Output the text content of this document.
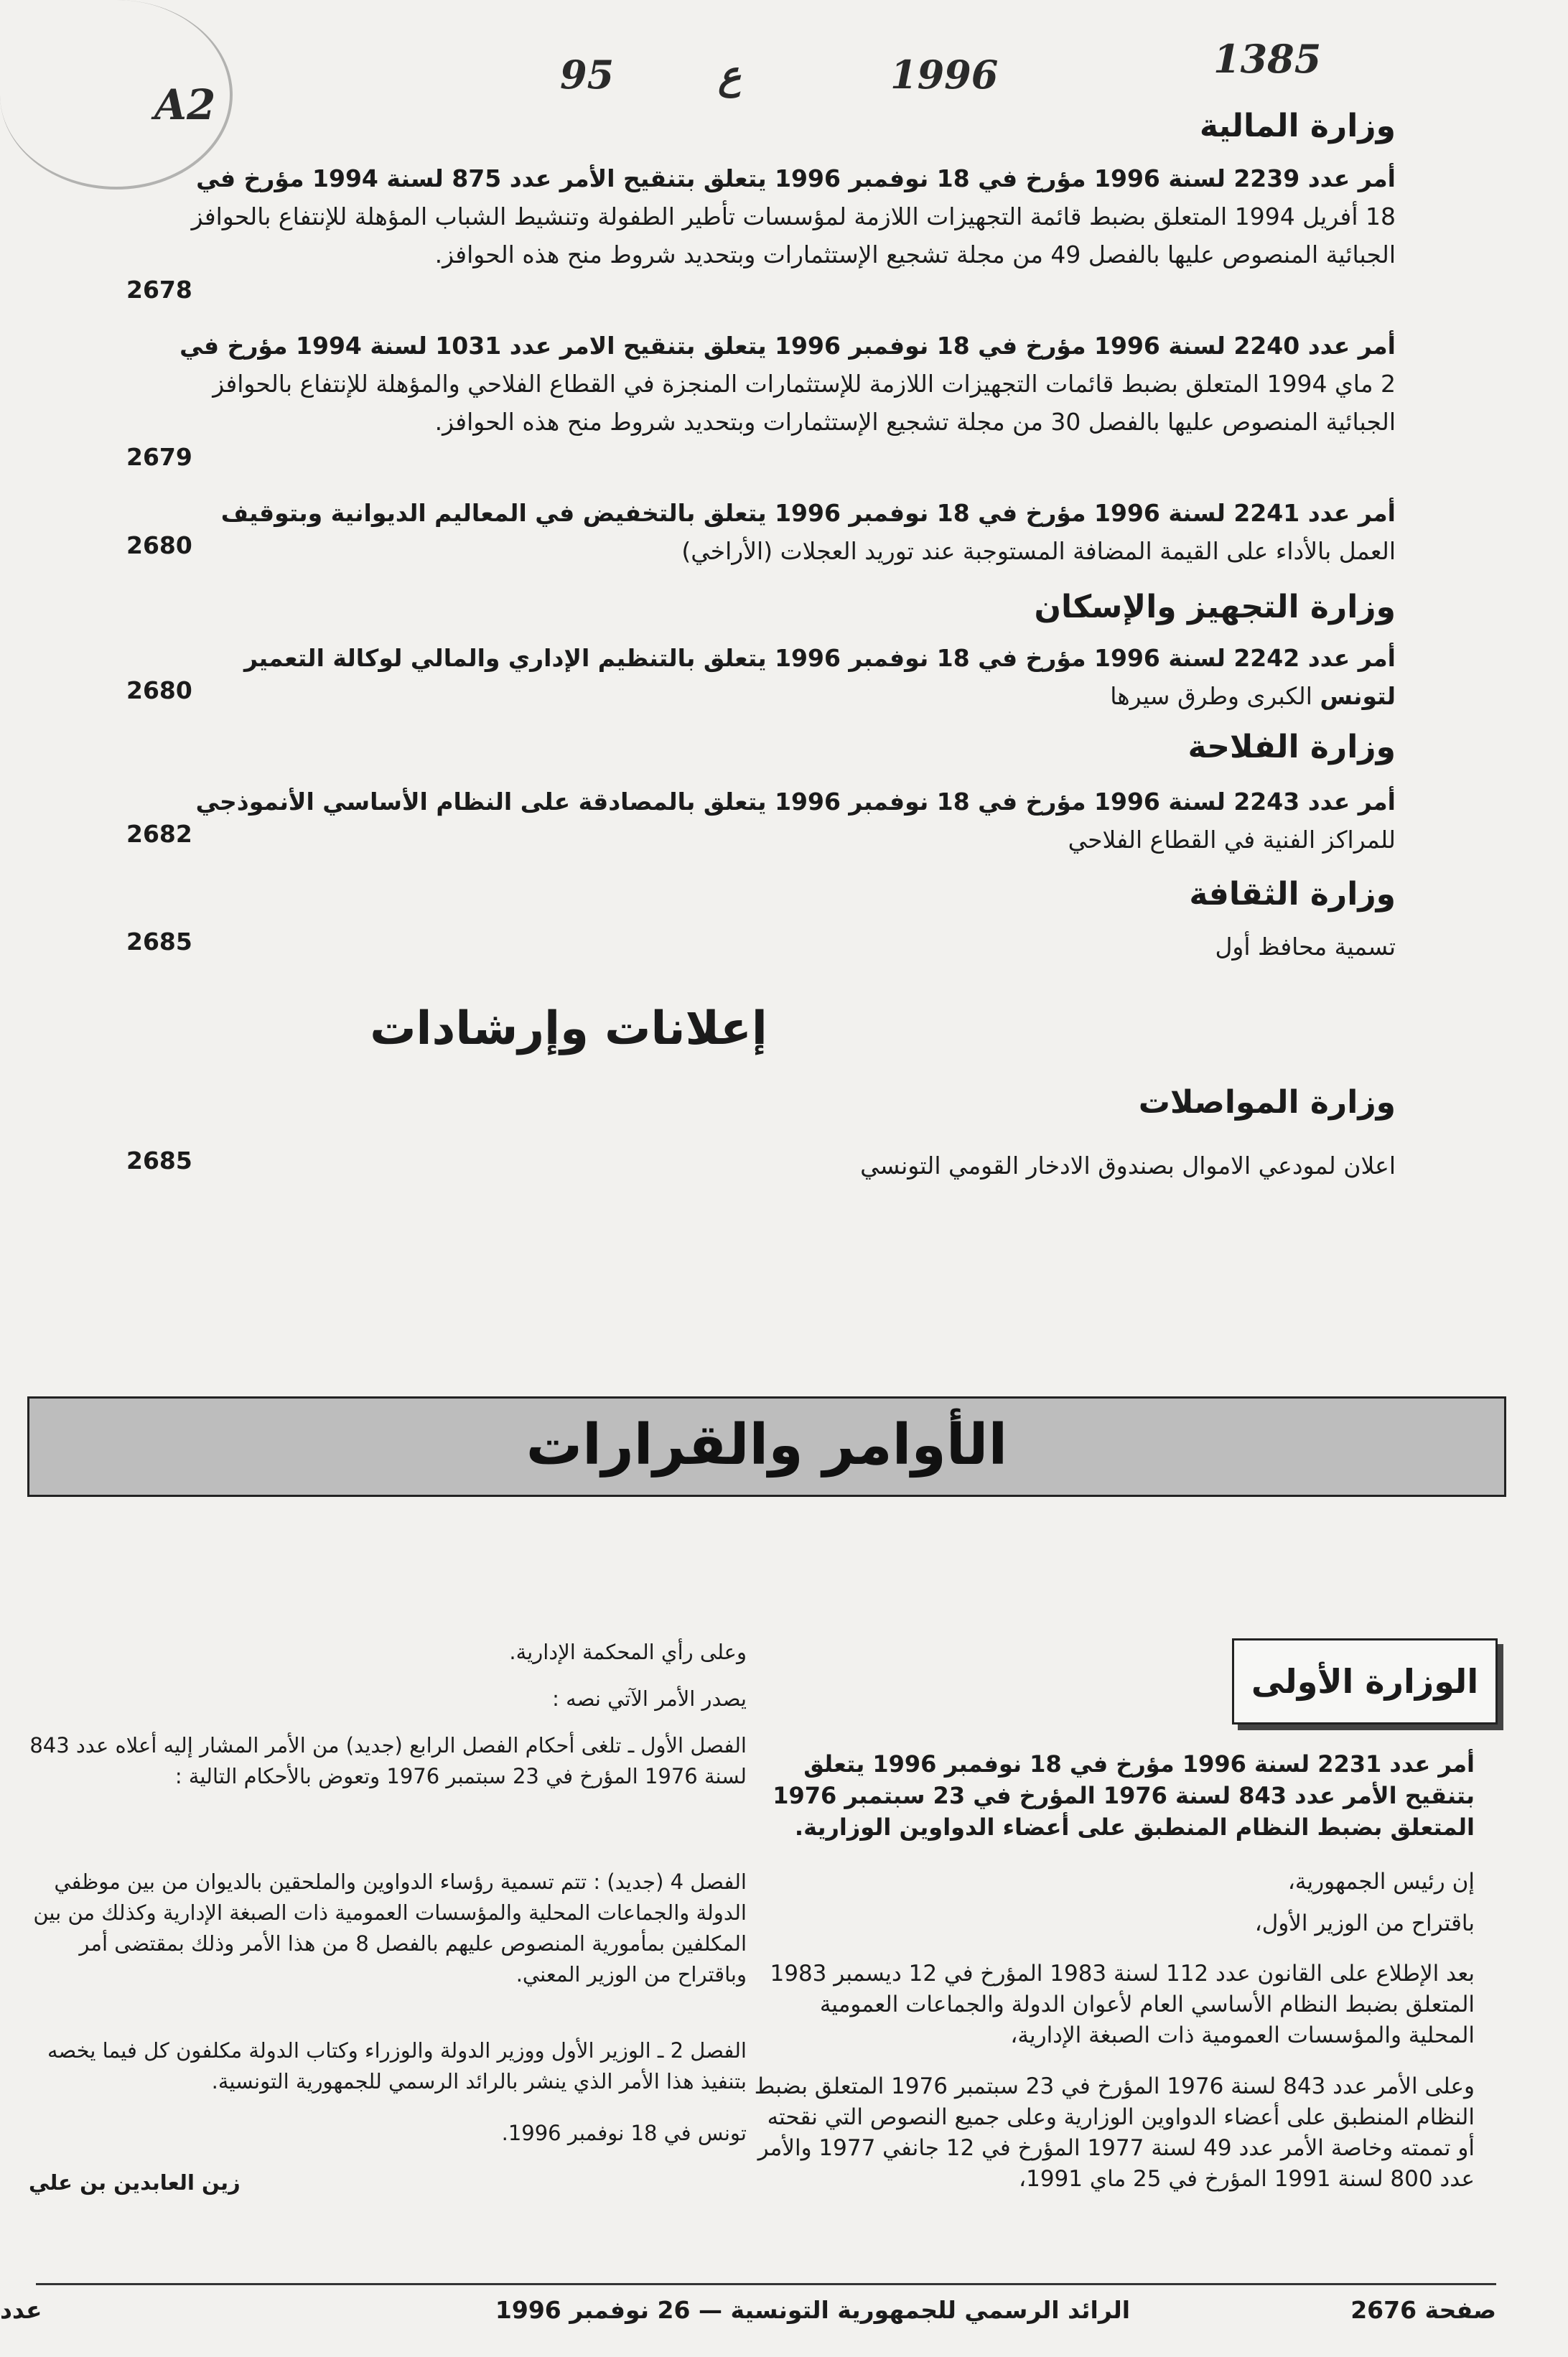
A2
95	ع	1996	1385
وزارة المالية
أمر عدد 2239 لسنة 1996 مؤرخ في 18 نوفمبر 1996 يتعلق بتنقيح الأمر عدد 875 لسنة 1994 مؤرخ في 18 أفريل 1994 المتعلق بضبط قائمة التجهيزات اللازمة لمؤسسات تأطير الطفولة وتنشيط الشباب المؤهلة للإنتفاع بالحوافز الجبائية المنصوص عليها بالفصل 49 من مجلة تشجيع الإستثمارات وبتحديد شروط منح هذه الحوافز.
2678
أمر عدد 2240 لسنة 1996 مؤرخ في 18 نوفمبر 1996 يتعلق بتنقيح الامر عدد 1031 لسنة 1994 مؤرخ في 2 ماي 1994 المتعلق بضبط قائمات التجهيزات اللازمة للإستثمارات المنجزة في القطاع الفلاحي والمؤهلة للإنتفاع بالحوافز الجبائية المنصوص عليها بالفصل 30 من مجلة تشجيع الإستثمارات وبتحديد شروط منح هذه الحوافز.
2679
أمر عدد 2241 لسنة 1996 مؤرخ في 18 نوفمبر 1996 يتعلق بالتخفيض في المعاليم الديوانية وبتوقيف العمل بالأداء على القيمة المضافة المستوجبة عند توريد العجلات (الأراخي)
2680
وزارة التجهيز والإسكان
أمر عدد 2242 لسنة 1996 مؤرخ في 18 نوفمبر 1996 يتعلق بالتنظيم الإداري والمالي لوكالة التعمير لتونس الكبرى وطرق سيرها
2680
وزارة الفلاحة
أمر عدد 2243 لسنة 1996 مؤرخ في 18 نوفمبر 1996 يتعلق بالمصادقة على النظام الأساسي الأنموذجي للمراكز الفنية في القطاع الفلاحي
2682
وزارة الثقافة
تسمية محافظ أول
2685
إعلانات وإرشادات
وزارة المواصلات
اعلان لمودعي الاموال بصندوق الادخار القومي التونسي
2685
الأوامر والقرارات
الوزارة الأولى
أمر عدد 2231 لسنة 1996 مؤرخ في 18 نوفمبر 1996 يتعلق بتنقيح الأمر عدد 843 لسنة 1976 المؤرخ في 23 سبتمبر 1976 المتعلق بضبط النظام المنطبق على أعضاء الدواوين الوزارية.
إن رئيس الجمهورية،
باقتراح من الوزير الأول،
بعد الإطلاع على القانون عدد 112 لسنة 1983 المؤرخ في 12 ديسمبر 1983 المتعلق بضبط النظام الأساسي العام لأعوان الدولة والجماعات العمومية المحلية والمؤسسات العمومية ذات الصبغة الإدارية،
وعلى الأمر عدد 843 لسنة 1976 المؤرخ في 23 سبتمبر 1976 المتعلق بضبط النظام المنطبق على أعضاء الدواوين الوزارية وعلى جميع النصوص التي نقحته أو تممته وخاصة الأمر عدد 49 لسنة 1977 المؤرخ في 12 جانفي 1977 والأمر عدد 800 لسنة 1991 المؤرخ في 25 ماي 1991،
وعلى رأي المحكمة الإدارية.
يصدر الأمر الآتي نصه :
الفصل الأول ـ تلغى أحكام الفصل الرابع (جديد) من الأمر المشار إليه أعلاه عدد 843 لسنة 1976 المؤرخ في 23 سبتمبر 1976 وتعوض بالأحكام التالية :
الفصل 4 (جديد) : تتم تسمية رؤساء الدواوين والملحقين بالديوان من بين موظفي الدولة والجماعات المحلية والمؤسسات العمومية ذات الصبغة الإدارية وكذلك من بين المكلفين بمأمورية المنصوص عليهم بالفصل 8 من هذا الأمر وذلك بمقتضى أمر وباقتراح من الوزير المعني.
الفصل 2 ـ الوزير الأول ووزير الدولة والوزراء وكتاب الدولة مكلفون كل فيما يخصه بتنفيذ هذا الأمر الذي ينشر بالرائد الرسمي للجمهورية التونسية.
تونس في 18 نوفمبر 1996.
زين العابدين بن علي
صفحة 2676
الرائد الرسمي للجمهورية التونسية — 26 نوفمبر 1996
عدد
